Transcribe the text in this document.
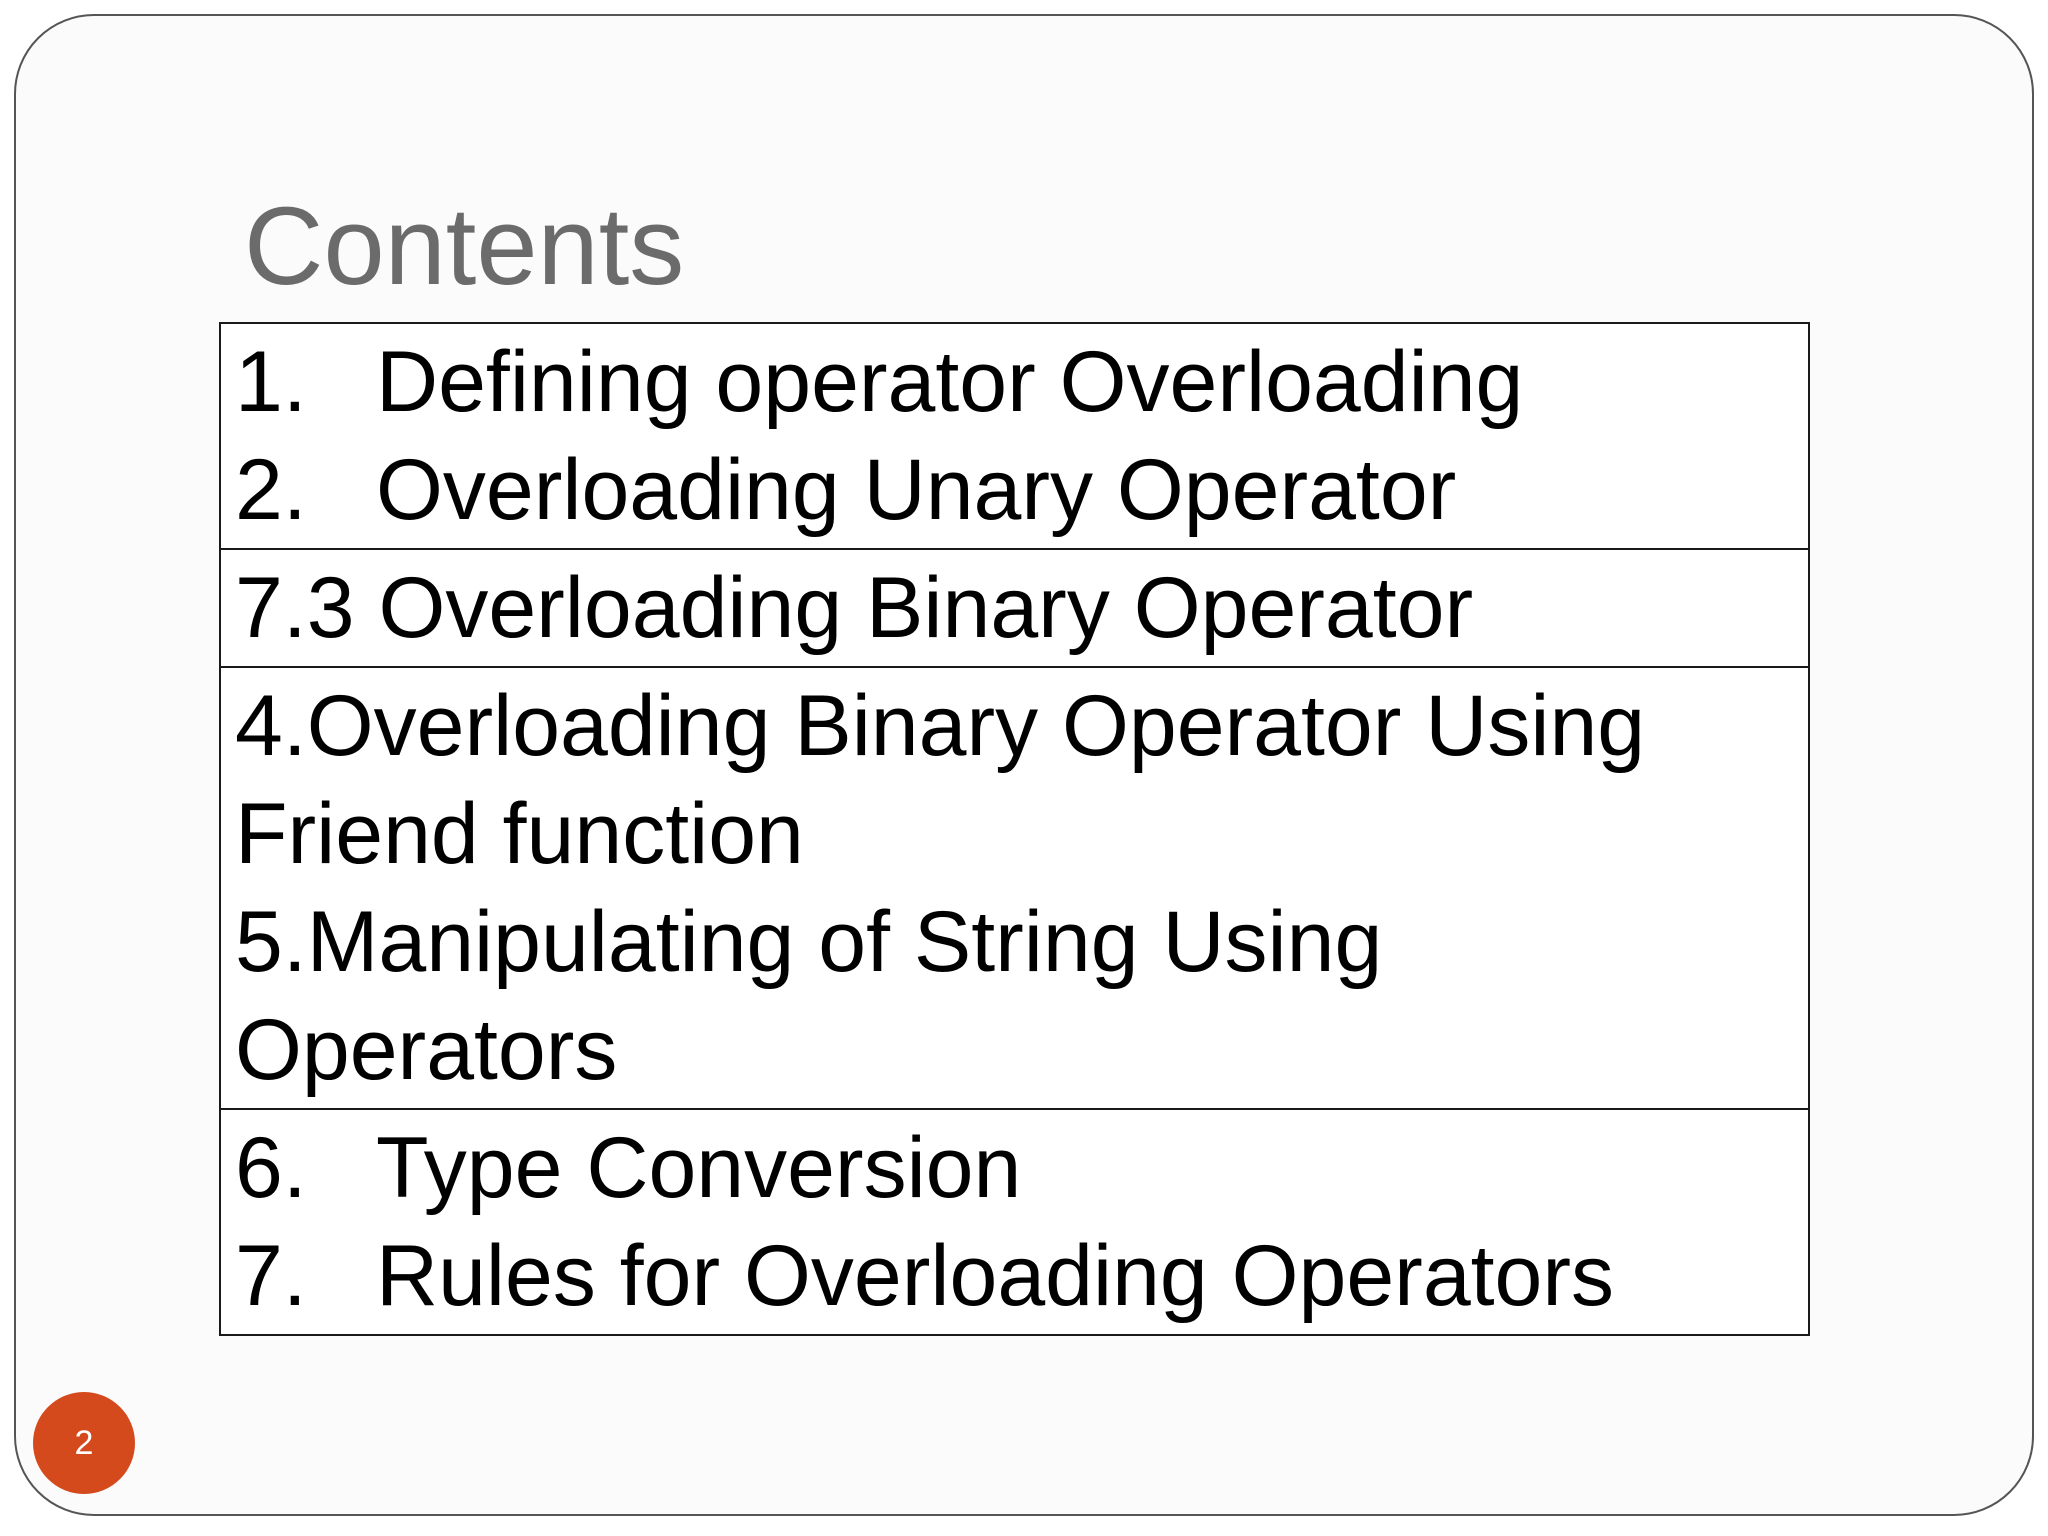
Contents
1. Defining operator Overloading
2. Overloading Unary Operator
7.3 Overloading Binary Operator
4.Overloading Binary Operator Using
Friend function
5.Manipulating of String Using
Operators
6. Type Conversion
7. Rules for Overloading Operators
2
